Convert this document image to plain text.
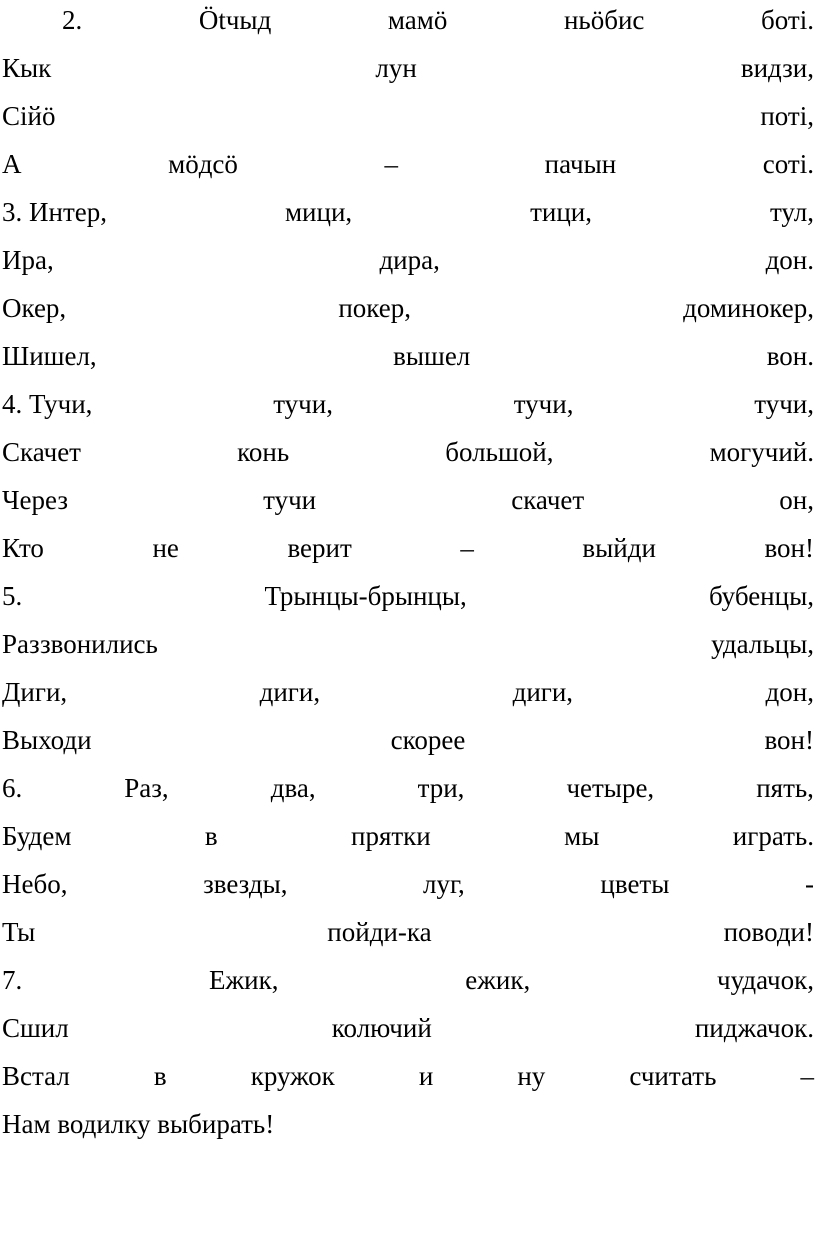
2.	Ötчыд	мамö	ньöбис	боті.
Кык	лун	видзи,
Сійö	поті,
А	мöдсö	–	пачын	соті.
3. Интер,	мици,	тици,	тул,
Ира,	дира,	дон.
Окер,	покер,	доминокер,
Шишел,	вышел	вон.
4. Тучи,	тучи,	тучи,	тучи,
Скачет	конь	большой,	могучий.
Через	тучи	скачет	он,
Кто	не	верит	–	выйди	вон!
5.	Трынцы-брынцы,	бубенцы,
Раззвонились	удальцы,
Диги,	диги,	диги,	дон,
Выходи	скорее	вон!
6.	Раз,	два,	три,	четыре,	пять,
Будем	в	прятки	мы	играть.
Небо,	звезды,	луг,	цветы	-
Ты	пойди-ка	поводи!
7.	Ежик,	ежик,	чудачок,
Сшил	колючий	пиджачок.
Встал	в	кружок	и	ну	считать	–
Нам водилку выбирать!
